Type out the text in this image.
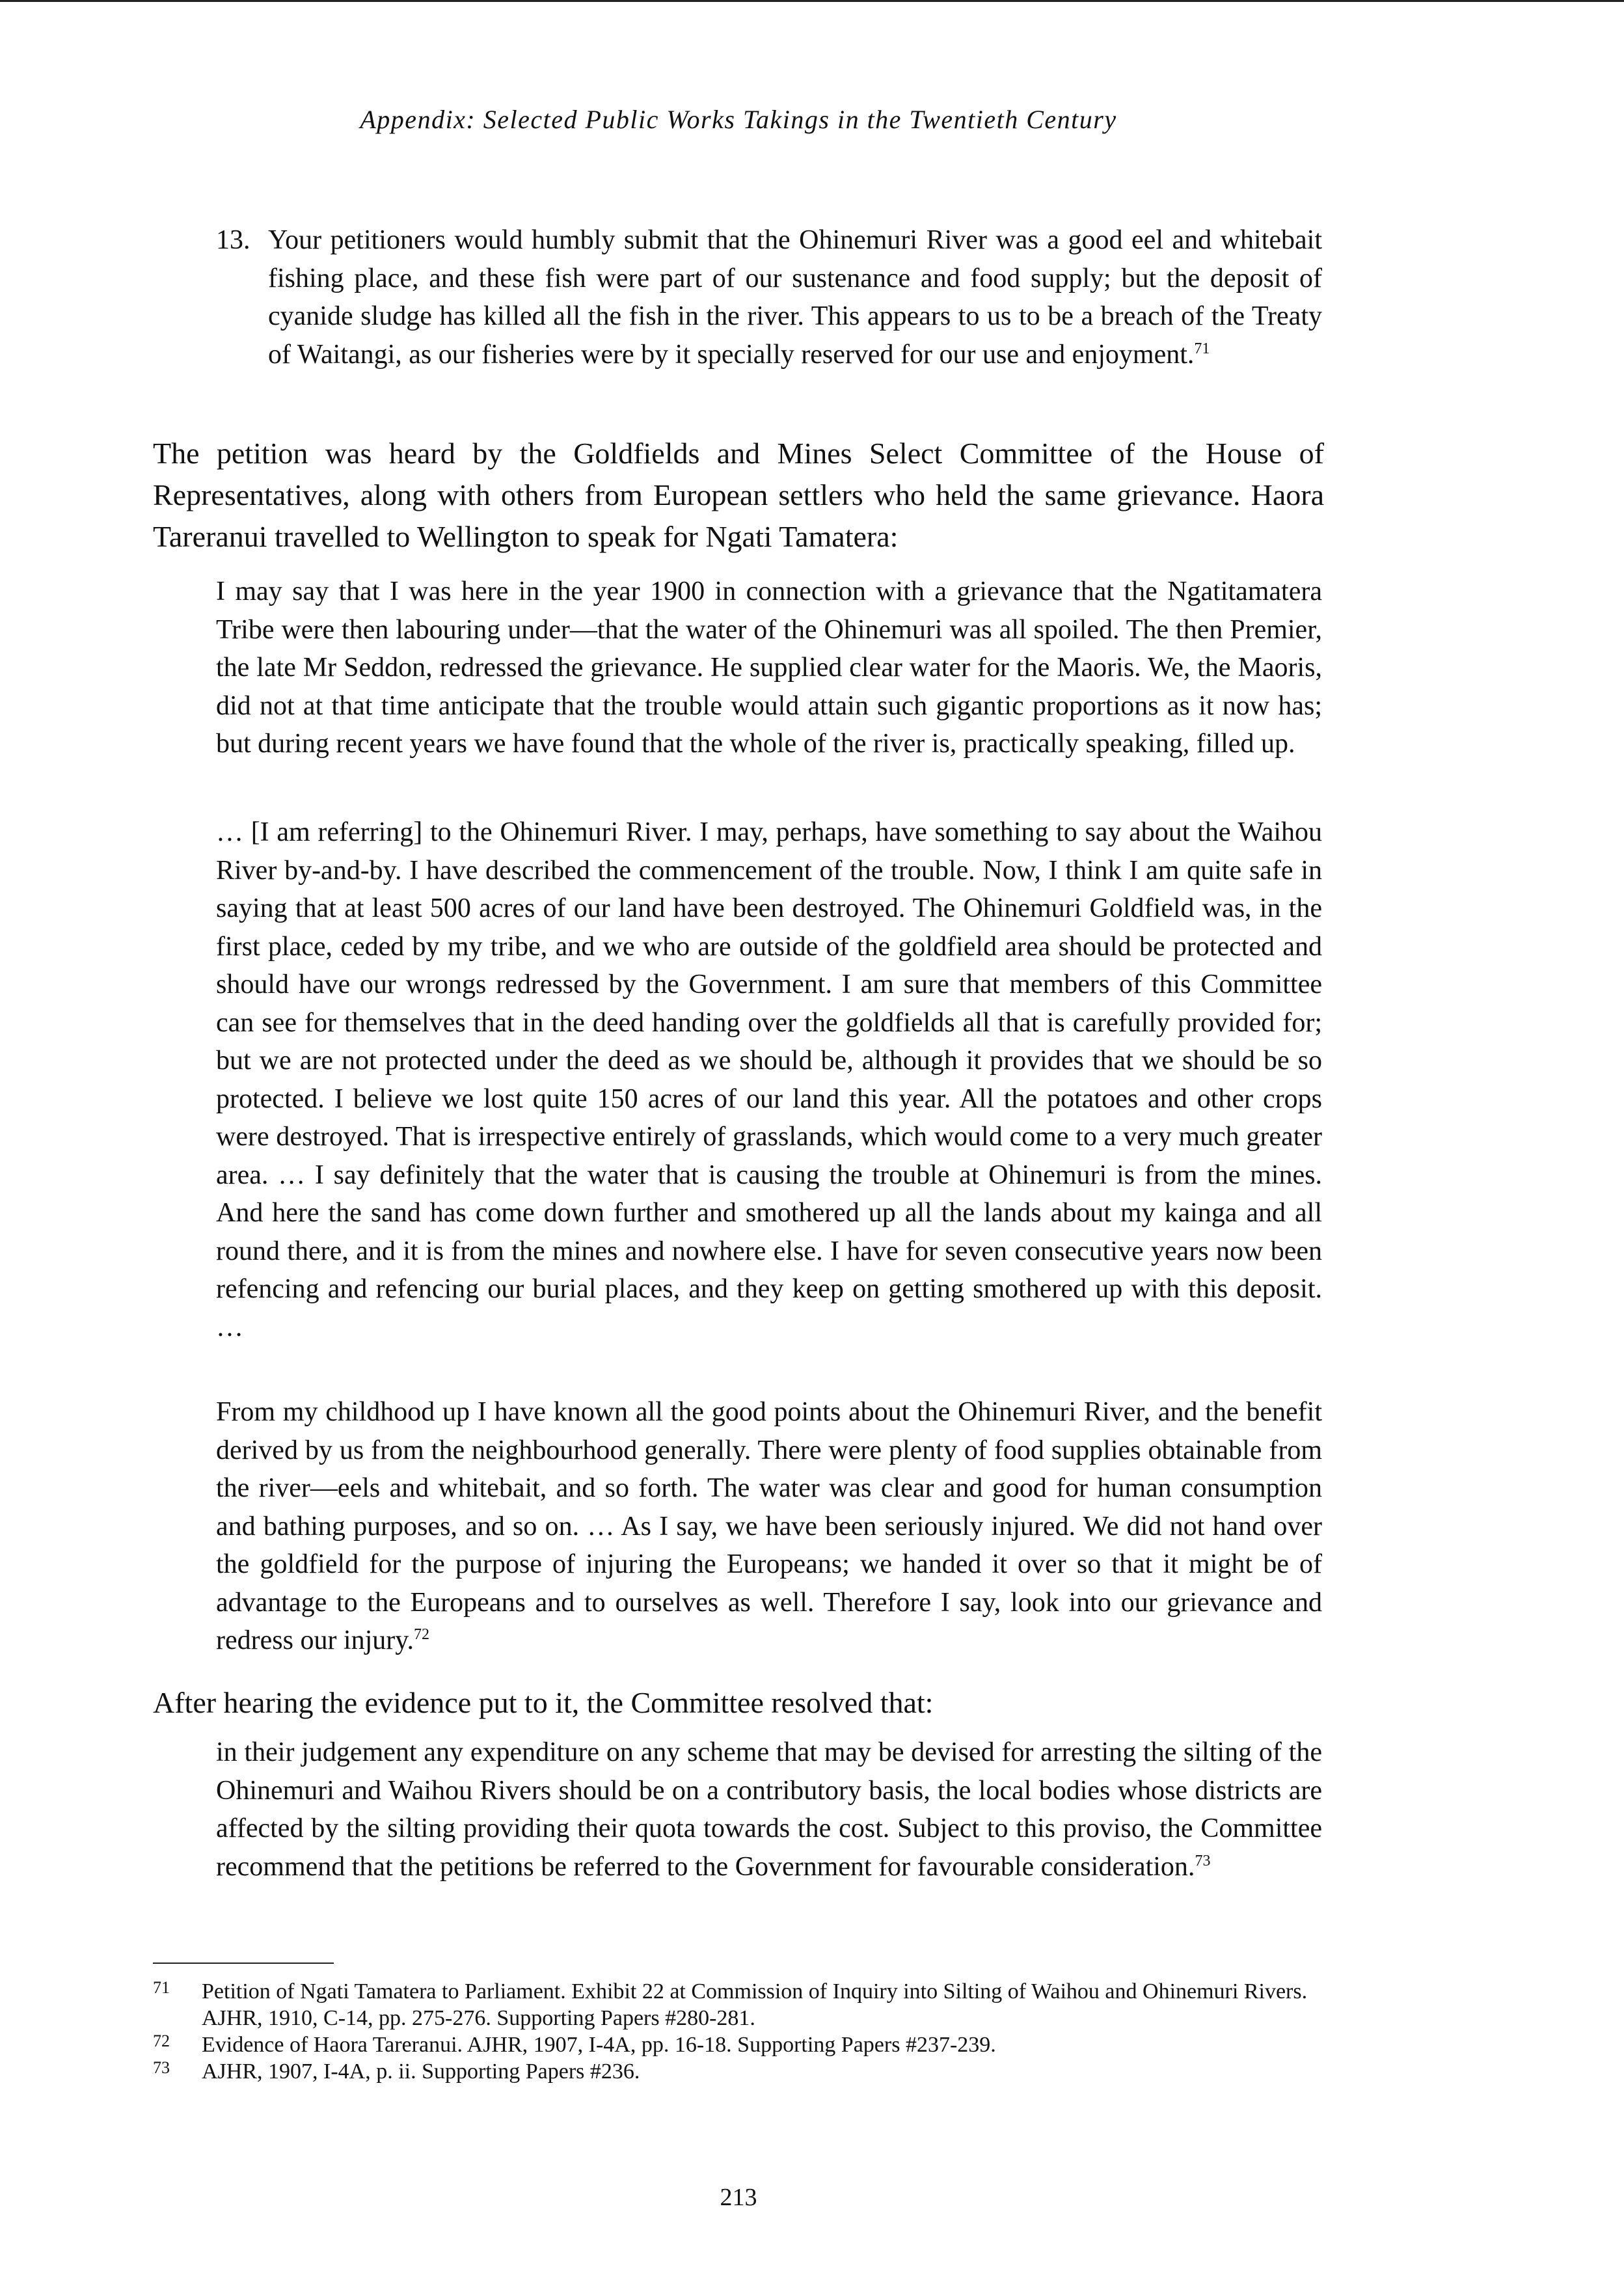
Appendix: Selected Public Works Takings in the Twentieth Century
13. Your petitioners would humbly submit that the Ohinemuri River was a good eel and whitebait fishing place, and these fish were part of our sustenance and food supply; but the deposit of cyanide sludge has killed all the fish in the river. This appears to us to be a breach of the Treaty of Waitangi, as our fisheries were by it specially reserved for our use and enjoyment.$^{71}$

The petition was heard by the Goldfields and Mines Select Committee of the House of Representatives, along with others from European settlers who held the same grievance. Haora Tareranui travelled to Wellington to speak for Ngati Tamatera:

I may say that I was here in the year 1900 in connection with a grievance that the Ngatitamatera Tribe were then labouring under—that the water of the Ohinemuri was all spoiled. The then Premier, the late Mr Seddon, redressed the grievance. He supplied clear water for the Maoris. We, the Maoris, did not at that time anticipate that the trouble would attain such gigantic proportions as it now has; but during recent years we have found that the whole of the river is, practically speaking, filled up.

… [I am referring] to the Ohinemuri River. I may, perhaps, have something to say about the Waihou River by-and-by. I have described the commencement of the trouble. Now, I think I am quite safe in saying that at least 500 acres of our land have been destroyed. The Ohinemuri Goldfield was, in the first place, ceded by my tribe, and we who are outside of the goldfield area should be protected and should have our wrongs redressed by the Government. I am sure that members of this Committee can see for themselves that in the deed handing over the goldfields all that is carefully provided for; but we are not protected under the deed as we should be, although it provides that we should be so protected. I believe we lost quite 150 acres of our land this year. All the potatoes and other crops were destroyed. That is irrespective entirely of grasslands, which would come to a very much greater area. … I say definitely that the water that is causing the trouble at Ohinemuri is from the mines. And here the sand has come down further and smothered up all the lands about my kainga and all round there, and it is from the mines and nowhere else. I have for seven consecutive years now been refencing and refencing our burial places, and they keep on getting smothered up with this deposit. …

From my childhood up I have known all the good points about the Ohinemuri River, and the benefit derived by us from the neighbourhood generally. There were plenty of food supplies obtainable from the river—eels and whitebait, and so forth. The water was clear and good for human consumption and bathing purposes, and so on. … As I say, we have been seriously injured. We did not hand over the goldfield for the purpose of injuring the Europeans; we handed it over so that it might be of advantage to the Europeans and to ourselves as well. Therefore I say, look into our grievance and redress our injury.$^{72}$

After hearing the evidence put to it, the Committee resolved that:

in their judgement any expenditure on any scheme that may be devised for arresting the silting of the Ohinemuri and Waihou Rivers should be on a contributory basis, the local bodies whose districts are affected by the silting providing their quota towards the cost. Subject to this proviso, the Committee recommend that the petitions be referred to the Government for favourable consideration.$^{73}$

71 Petition of Ngati Tamatera to Parliament. Exhibit 22 at Commission of Inquiry into Silting of Waihou and Ohinemuri Rivers. AJHR, 1910, C-14, pp. 275-276. Supporting Papers #280-281.
72 Evidence of Haora Tareranui. AJHR, 1907, I-4A, pp. 16-18. Supporting Papers #237-239.
73 AJHR, 1907, I-4A, p. ii. Supporting Papers #236.
213
